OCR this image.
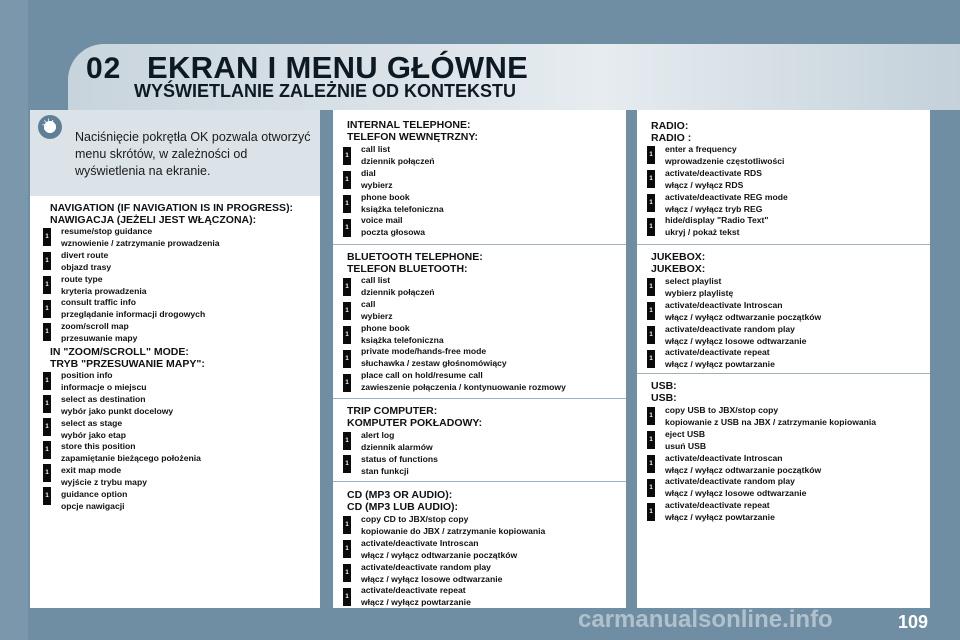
02 EKRAN I MENU GŁÓWNE
WYŚWIETLANIE ZALEŻNIE OD KONTEKSTU
☀
Naciśnięcie pokrętła OK pozwala otworzyć menu skrótów, w zależności od wyświetlenia na ekranie.
NAVIGATION (IF NAVIGATION IS IN PROGRESS):
NAWIGACJA (JEŻELI JEST WŁĄCZONA):
resume/stop guidance
wznowienie / zatrzymanie prowadzenia
divert route
objazd trasy
route type
kryteria prowadzenia
consult traffic info
przeglądanie informacji drogowych
zoom/scroll map
przesuwanie mapy
1
1
1
1
1
IN "ZOOM/SCROLL" MODE:
TRYB "PRZESUWANIE MAPY":
position info
informacje o miejscu
select as destination
wybór jako punkt docelowy
select as stage
wybór jako etap
store this position
zapamiętanie bieżącego położenia
exit map mode
wyjście z trybu mapy
guidance option
opcje nawigacji
1
1
1
1
1
1
INTERNAL TELEPHONE:
TELEFON WEWNĘTRZNY:
call list
dziennik połączeń
dial
wybierz
phone book
książka telefoniczna
voice mail
poczta głosowa
1
1
1
1
BLUETOOTH TELEPHONE:
TELEFON BLUETOOTH:
call list
dziennik połączeń
call
wybierz
phone book
książka telefoniczna
private mode/hands-free mode
słuchawka / zestaw głośnomówiący
place call on hold/resume call
zawieszenie połączenia / kontynuowanie rozmowy
1
1
1
1
1
TRIP COMPUTER:
KOMPUTER POKŁADOWY:
alert log
dziennik alarmów
status of functions
stan funkcji
1
1
CD (MP3 OR AUDIO):
CD (MP3 LUB AUDIO):
copy CD to JBX/stop copy
kopiowanie do JBX / zatrzymanie kopiowania
activate/deactivate Introscan
włącz / wyłącz odtwarzanie początków
activate/deactivate random play
włącz / wyłącz losowe odtwarzanie
activate/deactivate repeat
włącz / wyłącz powtarzanie
1
1
1
1
RADIO:
RADIO :
enter a frequency
wprowadzenie częstotliwości
activate/deactivate RDS
włącz / wyłącz RDS
activate/deactivate REG mode
włącz / wyłącz tryb REG
hide/display "Radio Text"
ukryj / pokaż tekst
1
1
1
1
JUKEBOX:
JUKEBOX:
select playlist
wybierz playlistę
activate/deactivate Introscan
włącz / wyłącz odtwarzanie początków
activate/deactivate random play
włącz / wyłącz losowe odtwarzanie
activate/deactivate repeat
włącz / wyłącz powtarzanie
1
1
1
1
USB:
USB:
copy USB to JBX/stop copy
kopiowanie z USB na JBX / zatrzymanie kopiowania
eject USB
usuń USB
activate/deactivate Introscan
włącz / wyłącz odtwarzanie początków
activate/deactivate random play
włącz / wyłącz losowe odtwarzanie
activate/deactivate repeat
włącz / wyłącz powtarzanie
1
1
1
1
1
carmanualsonline.info	109
